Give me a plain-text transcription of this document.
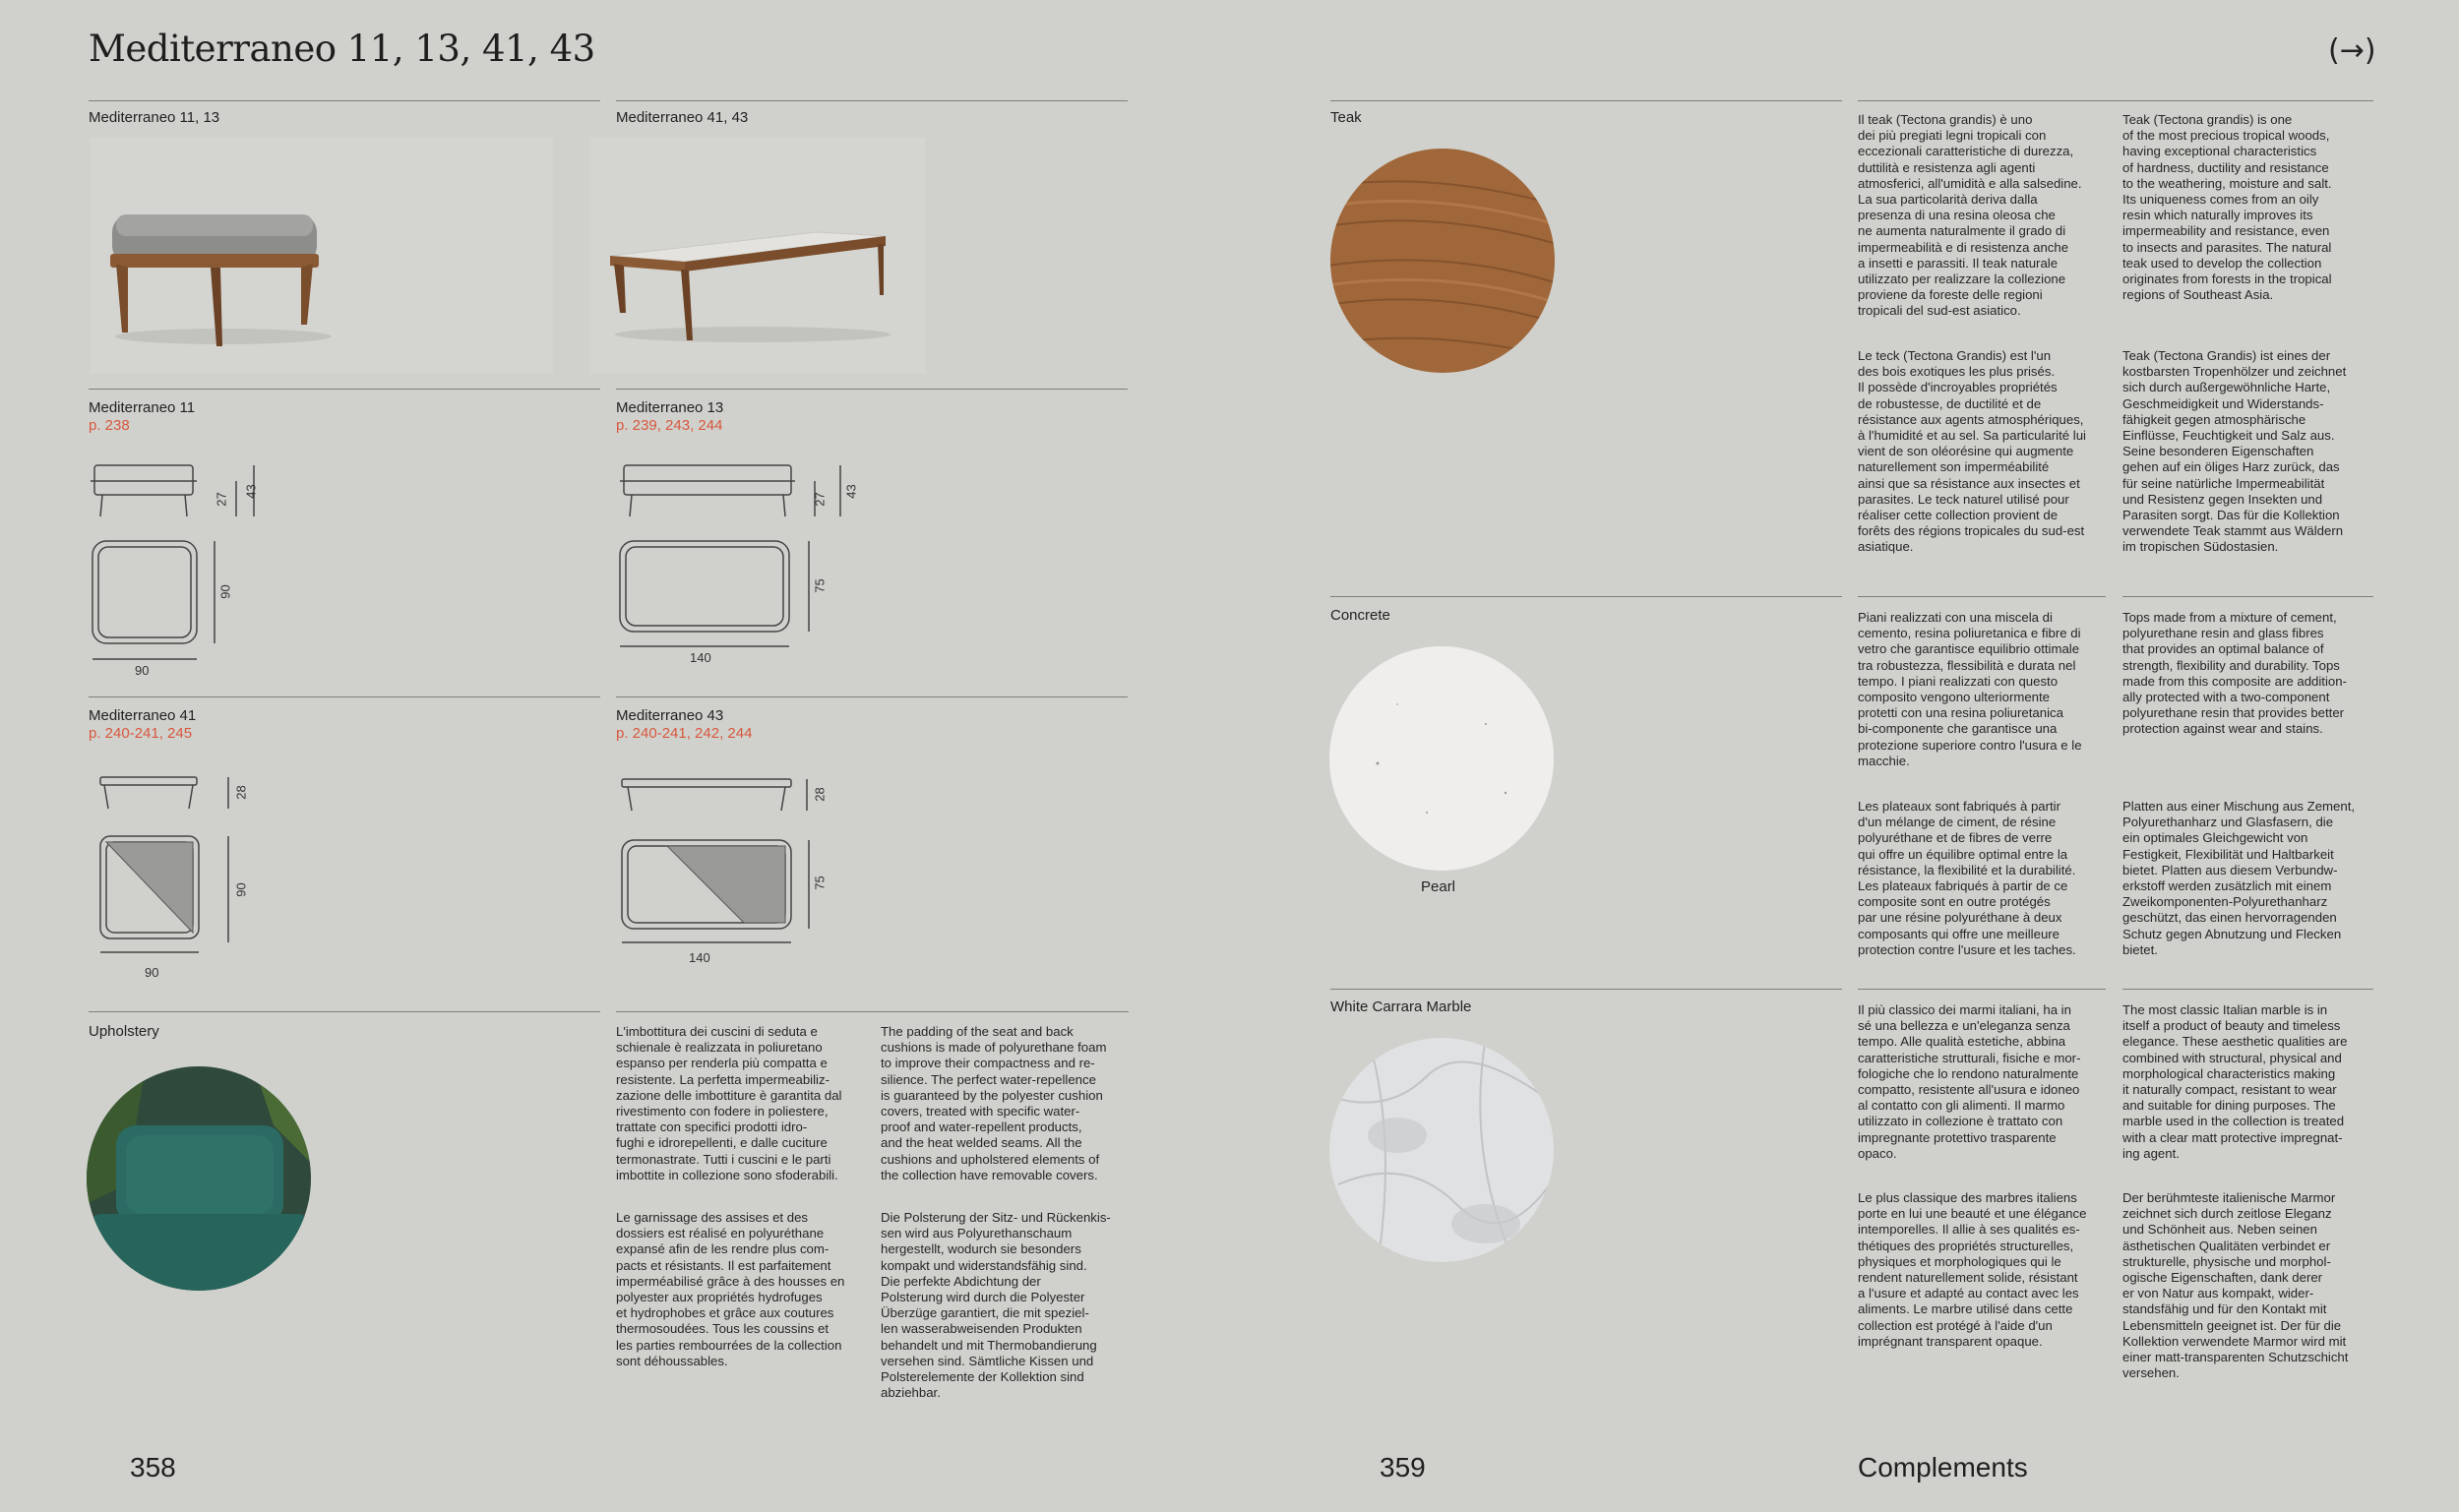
Mediterraneo 11, 13, 41, 43	(→)
Mediterraneo 11, 13	Mediterraneo 41, 43
Mediterraneo 11
p. 238
Mediterraneo 13
p. 239, 243, 244
27
43
90
90
27
43
75
140
Mediterraneo 41
p. 240-241, 245
Mediterraneo 43
p. 240-241, 242, 244
28
90
90
28
75
140
Upholstery	L'imbottitura dei cuscini di seduta e
schienale è realizzata in poliuretano
espanso per renderla più compatta e
resistente. La perfetta impermeabiliz-
zazione delle imbottiture è garantita dal
rivestimento con fodere in poliestere,
trattate con specifici prodotti idro-
fughi e idrorepellenti, e dalle cuciture
termonastrate. Tutti i cuscini e le parti
imbottite in collezione sono sfoderabili.
The padding of the seat and back
cushions is made of polyurethane foam
to improve their compactness and re-
silience. The perfect water-repellence
is guaranteed by the polyester cushion
covers, treated with specific water-
proof and water-repellent products,
and the heat welded seams. All the
cushions and upholstered elements of
the collection have removable covers.
Le garnissage des assises et des
dossiers est réalisé en polyuréthane
expansé afin de les rendre plus com-
pacts et résistants. Il est parfaitement
imperméabilisé grâce à des housses en
polyester aux propriétés hydrofuges
et hydrophobes et grâce aux coutures
thermosoudées. Tous les coussins et
les parties rembourrées de la collection
sont déhoussables.
Die Polsterung der Sitz- und Rückenkis-
sen wird aus Polyurethanschaum
hergestellt, wodurch sie besonders
kompakt und widerstandsfähig sind.
Die perfekte Abdichtung der
Polsterung wird durch die Polyester
Überzüge garantiert, die mit speziel-
len wasserabweisenden Produkten
behandelt und mit Thermobandierung
versehen sind. Sämtliche Kissen und
Polsterelemente der Kollektion sind
abziehbar.
358
Teak	Il teak (Tectona grandis) è uno
dei più pregiati legni tropicali con
eccezionali caratteristiche di durezza,
duttilità e resistenza agli agenti
atmosferici, all'umidità e alla salsedine.
La sua particolarità deriva dalla
presenza di una resina oleosa che
ne aumenta naturalmente il grado di
impermeabilità e di resistenza anche
a insetti e parassiti. Il teak naturale
utilizzato per realizzare la collezione
proviene da foreste delle regioni
tropicali del sud-est asiatico.
Teak (Tectona grandis) is one
of the most precious tropical woods,
having exceptional characteristics
of hardness, ductility and resistance
to the weathering, moisture and salt.
Its uniqueness comes from an oily
resin which naturally improves its
impermeability and resistance, even
to insects and parasites. The natural
teak used to develop the collection
originates from forests in the tropical
regions of Southeast Asia.
Le teck (Tectona Grandis) est l'un
des bois exotiques les plus prisés.
Il possède d'incroyables propriétés
de robustesse, de ductilité et de
résistance aux agents atmosphériques,
à l'humidité et au sel. Sa particularité lui
vient de son oléorésine qui augmente
naturellement son imperméabilité
ainsi que sa résistance aux insectes et
parasites. Le teck naturel utilisé pour
réaliser cette collection provient de
forêts des régions tropicales du sud-est
asiatique.
Teak (Tectona Grandis) ist eines der
kostbarsten Tropenhölzer und zeichnet
sich durch außergewöhnliche Harte,
Geschmeidigkeit und Widerstands-
fähigkeit gegen atmosphärische
Einflüsse, Feuchtigkeit und Salz aus.
Seine besonderen Eigenschaften
gehen auf ein öliges Harz zurück, das
für seine natürliche Impermeabilität
und Resistenz gegen Insekten und
Parasiten sorgt. Das für die Kollektion
verwendete Teak stammt aus Wäldern
im tropischen Südostasien.
Concrete
Pearl
Piani realizzati con una miscela di
cemento, resina poliuretanica e fibre di
vetro che garantisce equilibrio ottimale
tra robustezza, flessibilità e durata nel
tempo. I piani realizzati con questo
composito vengono ulteriormente
protetti con una resina poliuretanica
bi-componente che garantisce una
protezione superiore contro l'usura e le
macchie.
Tops made from a mixture of cement,
polyurethane resin and glass fibres
that provides an optimal balance of
strength, flexibility and durability. Tops
made from this composite are addition-
ally protected with a two-component
polyurethane resin that provides better
protection against wear and stains.
Les plateaux sont fabriqués à partir
d'un mélange de ciment, de résine
polyuréthane et de fibres de verre
qui offre un équilibre optimal entre la
résistance, la flexibilité et la durabilité.
Les plateaux fabriqués à partir de ce
composite sont en outre protégés
par une résine polyuréthane à deux
composants qui offre une meilleure
protection contre l'usure et les taches.
Platten aus einer Mischung aus Zement,
Polyurethanharz und Glasfasern, die
ein optimales Gleichgewicht von
Festigkeit, Flexibilität und Haltbarkeit
bietet. Platten aus diesem Verbundw-
erkstoff werden zusätzlich mit einem
Zweikomponenten-Polyurethanharz
geschützt, das einen hervorragenden
Schutz gegen Abnutzung und Flecken
bietet.
White Carrara Marble	Il più classico dei marmi italiani, ha in
sé una bellezza e un'eleganza senza
tempo. Alle qualità estetiche, abbina
caratteristiche strutturali, fisiche e mor-
fologiche che lo rendono naturalmente
compatto, resistente all'usura e idoneo
al contatto con gli alimenti. Il marmo
utilizzato in collezione è trattato con
impregnante protettivo trasparente
opaco.
The most classic Italian marble is in
itself a product of beauty and timeless
elegance. These aesthetic qualities are
combined with structural, physical and
morphological characteristics making
it naturally compact, resistant to wear
and suitable for dining purposes. The
marble used in the collection is treated
with a clear matt protective impregnat-
ing agent.
Le plus classique des marbres italiens
porte en lui une beauté et une élégance
intemporelles. Il allie à ses qualités es-
thétiques des propriétés structurelles,
physiques et morphologiques qui le
rendent naturellement solide, résistant
a l'usure et adapté au contact avec les
aliments. Le marbre utilisé dans cette
collection est protégé à l'aide d'un
imprégnant transparent opaque.
Der berühmteste italienische Marmor
zeichnet sich durch zeitlose Eleganz
und Schönheit aus. Neben seinen
ästhetischen Qualitäten verbindet er
strukturelle, physische und morphol-
ogische Eigenschaften, dank derer
er von Natur aus kompakt, wider-
standsfähig und für den Kontakt mit
Lebensmitteln geeignet ist. Der für die
Kollektion verwendete Marmor wird mit
einer matt-transparenten Schutzschicht
versehen.
359	Complements
